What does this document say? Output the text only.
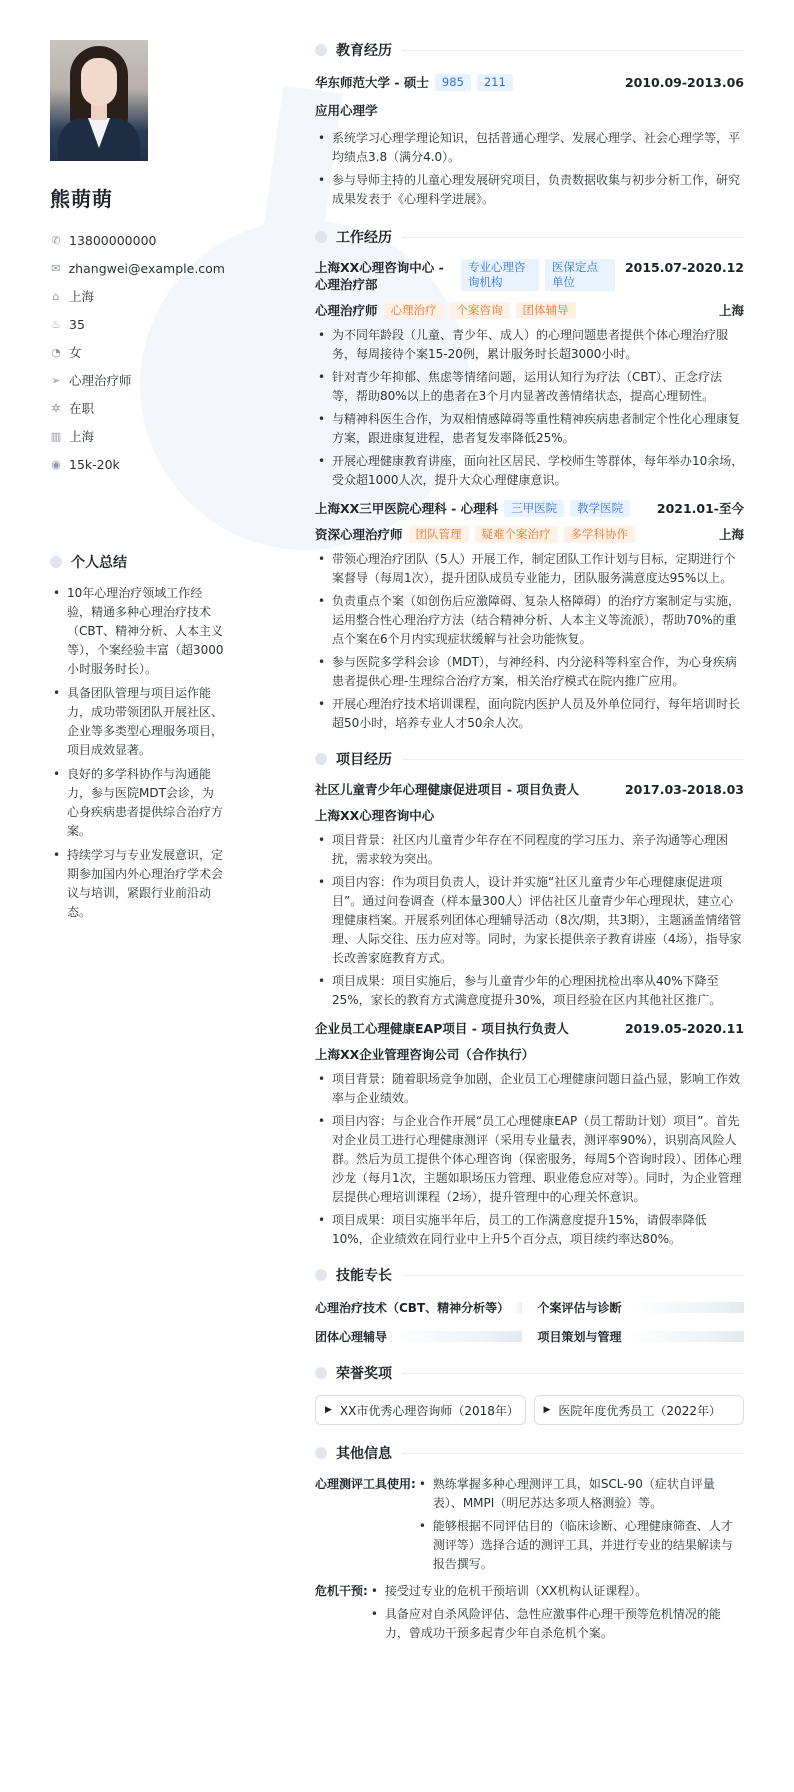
熊萌萌
✆ 13800000000
✉ zhangwei@example.com
⌂ 上海
♨ 35
◔ 女
➢ 心理治疗师
✲ 在职
▥ 上海
◉ 15k-20k
个人总结
• 10年心理治疗领域工作经验，精通多种心理治疗技术（CBT、精神分析、人本主义等），个案经验丰富（超3000小时服务时长）。
• 具备团队管理与项目运作能力，成功带领团队开展社区、企业等多类型心理服务项目，项目成效显著。
• 良好的多学科协作与沟通能力，参与医院MDT会诊，为心身疾病患者提供综合治疗方案。
• 持续学习与专业发展意识，定期参加国内外心理治疗学术会议与培训，紧跟行业前沿动态。
教育经历
华东师范大学 - 硕士	985	211	2010.09-2013.06
应用心理学
• 系统学习心理学理论知识，包括普通心理学、发展心理学、社会心理学等，平均绩点3.8（满分4.0）。
• 参与导师主持的儿童心理发展研究项目，负责数据收集与初步分析工作，研究成果发表于《心理科学进展》。
工作经历
上海XX心理咨询中心 - 心理治疗部
专业心理咨询机构
医保定点单位
2015.07-2020.12
心理治疗师	心理治疗	个案咨询	团体辅导	上海
• 为不同年龄段（儿童、青少年、成人）的心理问题患者提供个体心理治疗服务，每周接待个案15-20例，累计服务时长超3000小时。
• 针对青少年抑郁、焦虑等情绪问题，运用认知行为疗法（CBT）、正念疗法等，帮助80%以上的患者在3个月内显著改善情绪状态，提高心理韧性。
• 与精神科医生合作，为双相情感障碍等重性精神疾病患者制定个性化心理康复方案，跟进康复进程，患者复发率降低25%。
• 开展心理健康教育讲座，面向社区居民、学校师生等群体，每年举办10余场，受众超1000人次，提升大众心理健康意识。
上海XX三甲医院心理科 - 心理科	三甲医院	教学医院	2021.01-至今
资深心理治疗师	团队管理	疑难个案治疗	多学科协作	上海
• 带领心理治疗团队（5人）开展工作，制定团队工作计划与目标，定期进行个案督导（每周1次），提升团队成员专业能力，团队服务满意度达95%以上。
• 负责重点个案（如创伤后应激障碍、复杂人格障碍）的治疗方案制定与实施，运用整合性心理治疗方法（结合精神分析、人本主义等流派），帮助70%的重点个案在6个月内实现症状缓解与社会功能恢复。
• 参与医院多学科会诊（MDT），与神经科、内分泌科等科室合作，为心身疾病患者提供心理-生理综合治疗方案，相关治疗模式在院内推广应用。
• 开展心理治疗技术培训课程，面向院内医护人员及外单位同行，每年培训时长超50小时，培养专业人才50余人次。
项目经历
社区儿童青少年心理健康促进项目 - 项目负责人	2017.03-2018.03
上海XX心理咨询中心
• 项目背景：社区内儿童青少年存在不同程度的学习压力、亲子沟通等心理困扰，需求较为突出。
• 项目内容：作为项目负责人，设计并实施“社区儿童青少年心理健康促进项目”。通过问卷调查（样本量300人）评估社区儿童青少年心理现状，建立心理健康档案。开展系列团体心理辅导活动（8次/期，共3期），主题涵盖情绪管理、人际交往、压力应对等。同时，为家长提供亲子教育讲座（4场），指导家长改善家庭教育方式。
• 项目成果：项目实施后，参与儿童青少年的心理困扰检出率从40%下降至25%，家长的教育方式满意度提升30%，项目经验在区内其他社区推广。
企业员工心理健康EAP项目 - 项目执行负责人	2019.05-2020.11
上海XX企业管理咨询公司（合作执行）
• 项目背景：随着职场竞争加剧，企业员工心理健康问题日益凸显，影响工作效率与企业绩效。
• 项目内容：与企业合作开展“员工心理健康EAP（员工帮助计划）项目”。首先对企业员工进行心理健康测评（采用专业量表，测评率90%），识别高风险人群。然后为员工提供个体心理咨询（保密服务，每周5个咨询时段）、团体心理沙龙（每月1次，主题如职场压力管理、职业倦怠应对等）。同时，为企业管理层提供心理培训课程（2场），提升管理中的心理关怀意识。
• 项目成果：项目实施半年后，员工的工作满意度提升15%，请假率降低10%，企业绩效在同行业中上升5个百分点，项目续约率达80%。
技能专长
心理治疗技术（CBT、精神分析等） 个案评估与诊断
团体心理辅导	项目策划与管理
荣誉奖项
▶ XX市优秀心理咨询师（2018年）	▶ 医院年度优秀员工（2022年）
其他信息
心理测评工具使用:	• 熟练掌握多种心理测评工具，如SCL-90（症状自评量表）、MMPI（明尼苏达多项人格测验）等。
• 能够根据不同评估目的（临床诊断、心理健康筛查、人才测评等）选择合适的测评工具，并进行专业的结果解读与报告撰写。
危机干预:	• 接受过专业的危机干预培训（XX机构认证课程）。
• 具备应对自杀风险评估、急性应激事件心理干预等危机情况的能力，曾成功干预多起青少年自杀危机个案。
